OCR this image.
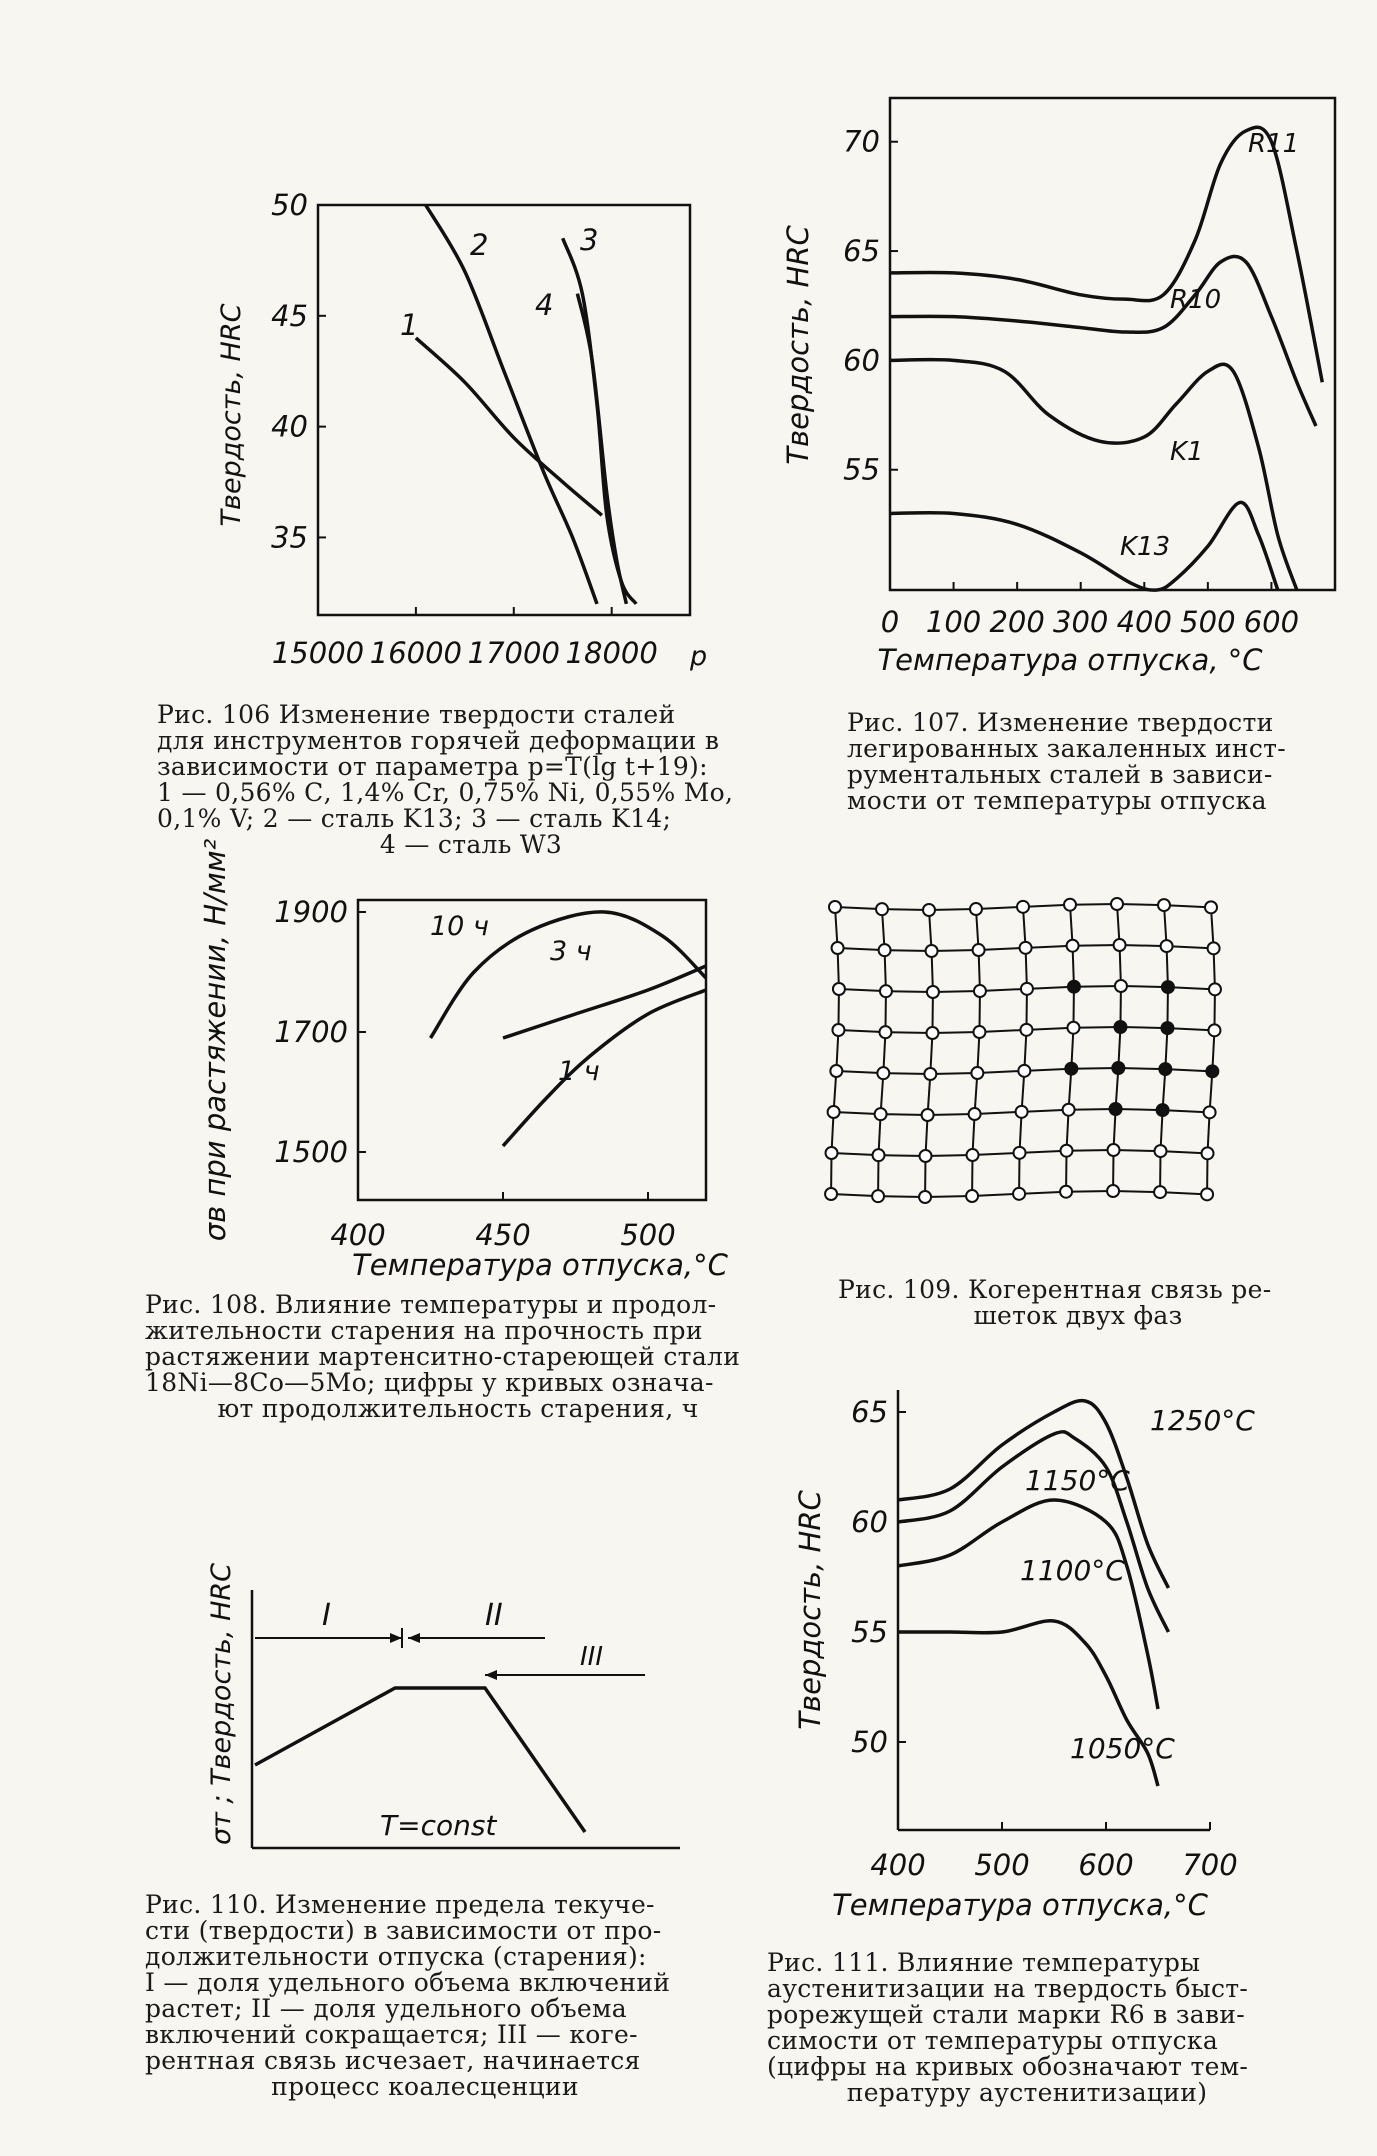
15000 16000 17000 18000
35
40
45
50
1
2	3
4
Твердость, HRC
p

Рис. 106 Изменение твердости сталей

для инструментов горячей деформации в

зависимости от параметра p=T(lg t+19):

1 — 0,56% С, 1,4% Cr, 0,75% Ni, 0,55% Mo,

0,1% V; 2 — сталь K13; 3 — сталь K14;

4 — сталь W3

0 100 200 300 400 500 600
55
60
65
70	R11
R10
K1
K13
Твердость, HRC
Температура отпуска, °С

Рис. 107. Изменение твердости

легированных закаленных инст-

рументальных сталей в зависи-

мости от температуры отпуска

400	450	500
1500
1700
1900	10 ч
3 ч
1 ч
σв при растяжении, Н/мм²
Температура отпуска,°С

Рис. 108. Влияние температуры и продол-

жительности старения на прочность при

растяжении мартенситно-стареющей стали

18Ni—8Co—5Mo; цифры у кривых означа-

ют продолжительность старения, ч

Рис. 109. Когерентная связь ре-

шеток двух фаз

I	II
III
T=const
σт ; Твердость, HRC

Рис. 110. Изменение предела текуче-

сти (твердости) в зависимости от про-

должительности отпуска (старения):

I — доля удельного объема включений

растет; II — доля удельного объема

включений сокращается; III — коге-

рентная связь исчезает, начинается

процесс коалесценции

400 500 600 700
50
55
60
65	1250°С
1150°С
1100°С
1050°С
Твердость, HRC
Температура отпуска,°С

Рис. 111. Влияние температуры

аустенитизации на твердость быст-

рорежущей стали марки R6 в зави-

симости от температуры отпуска

(цифры на кривых обозначают тем-

пературу аустенитизации)
